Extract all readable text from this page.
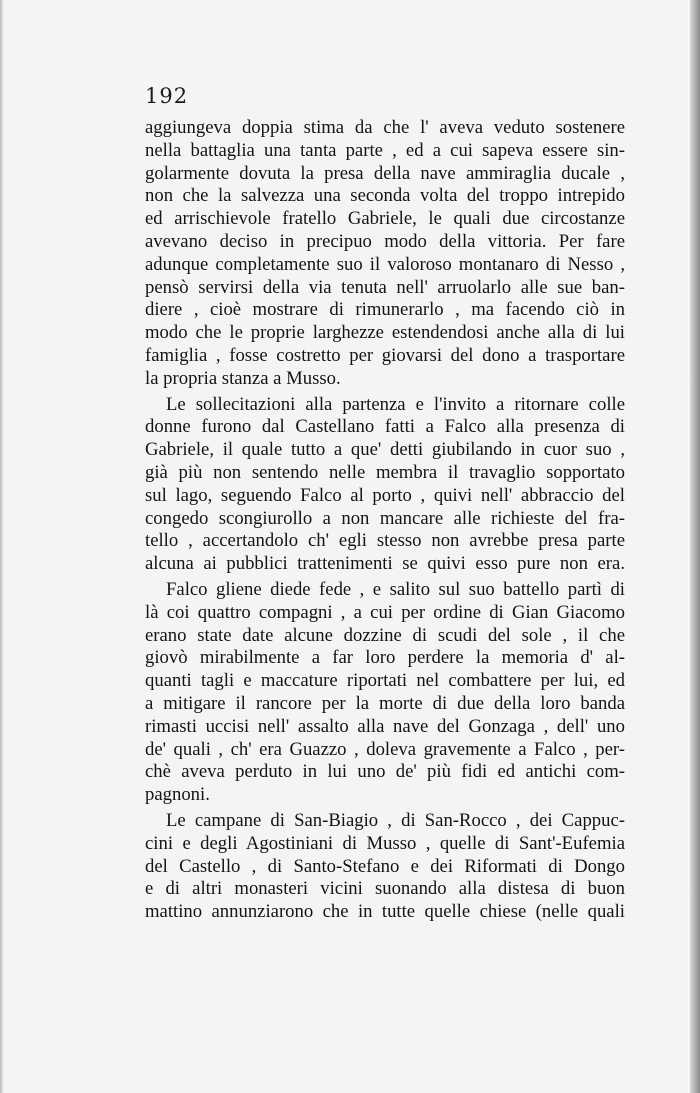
192
aggiungeva doppia stima da che l' aveva veduto sostenere
nella battaglia una tanta parte , ed a cui sapeva essere sin-
golarmente dovuta la presa della nave ammiraglia ducale ,
non che la salvezza una seconda volta del troppo intrepido
ed arrischievole fratello Gabriele, le quali due circostanze
avevano deciso in precipuo modo della vittoria. Per fare
adunque completamente suo il valoroso montanaro di Nesso ,
pensò servirsi della via tenuta nell' arruolarlo alle sue ban-
diere , cioè mostrare di rimunerarlo , ma facendo ciò in
modo che le proprie larghezze estendendosi anche alla di lui
famiglia , fosse costretto per giovarsi del dono a trasportare
la propria stanza a Musso.
Le sollecitazioni alla partenza e l'invito a ritornare colle
donne furono dal Castellano fatti a Falco alla presenza di
Gabriele, il quale tutto a que' detti giubilando in cuor suo ,
già più non sentendo nelle membra il travaglio sopportato
sul lago, seguendo Falco al porto , quivi nell' abbraccio del
congedo scongiurollo a non mancare alle richieste del fra-
tello , accertandolo ch' egli stesso non avrebbe presa parte
alcuna ai pubblici trattenimenti se quivi esso pure non era.
Falco gliene diede fede , e salito sul suo battello partì di
là coi quattro compagni , a cui per ordine di Gian Giacomo
erano state date alcune dozzine di scudi del sole , il che
giovò mirabilmente a far loro perdere la memoria d' al-
quanti tagli e maccature riportati nel combattere per lui, ed
a mitigare il rancore per la morte di due della loro banda
rimasti uccisi nell' assalto alla nave del Gonzaga , dell' uno
de' quali , ch' era Guazzo , doleva gravemente a Falco , per-
chè aveva perduto in lui uno de' più fidi ed antichi com-
pagnoni.
Le campane di San-Biagio , di San-Rocco , dei Cappuc-
cini e degli Agostiniani di Musso , quelle di Sant'-Eufemia
del Castello , di Santo-Stefano e dei Riformati di Dongo
e di altri monasteri vicini suonando alla distesa di buon
mattino annunziarono che in tutte quelle chiese (nelle quali
